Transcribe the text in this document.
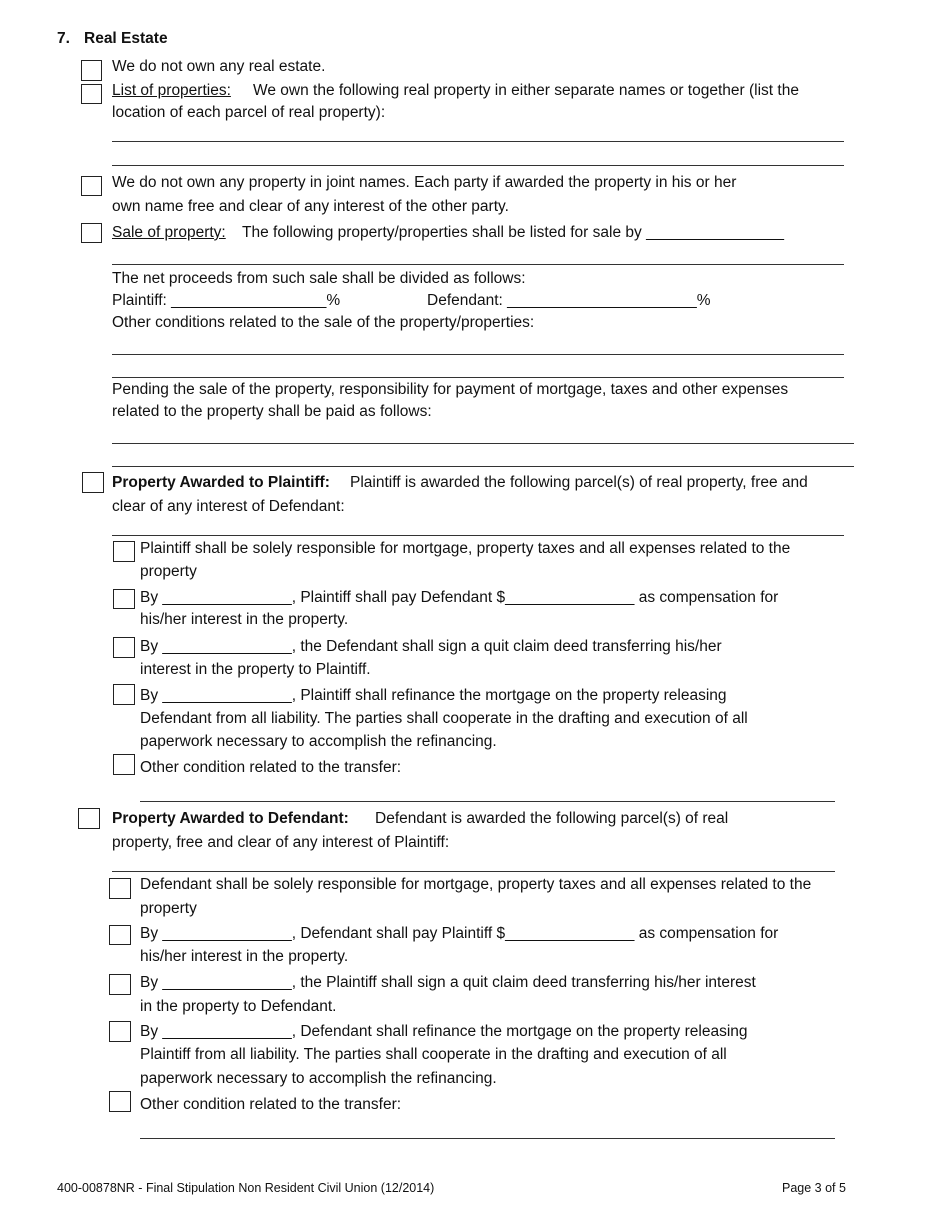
7. Real Estate
We do not own any real estate.
List of properties: We own the following real property in either separate names or together (list the
location of each parcel of real property):
We do not own any property in joint names. Each party if awarded the property in his or her
own name free and clear of any interest of the other party.
Sale of property: The following property/properties shall be listed for sale by ________________
The net proceeds from such sale shall be divided as follows:
Plaintiff: __________________%	Defendant: ______________________%
Other conditions related to the sale of the property/properties:
Pending the sale of the property, responsibility for payment of mortgage, taxes and other expenses
related to the property shall be paid as follows:
Property Awarded to Plaintiff: Plaintiff is awarded the following parcel(s) of real property, free and
clear of any interest of Defendant:
Plaintiff shall be solely responsible for mortgage, property taxes and all expenses related to the
property
By _______________, Plaintiff shall pay Defendant $_______________ as compensation for
his/her interest in the property.
By _______________, the Defendant shall sign a quit claim deed transferring his/her
interest in the property to Plaintiff.
By _______________, Plaintiff shall refinance the mortgage on the property releasing
Defendant from all liability. The parties shall cooperate in the drafting and execution of all
paperwork necessary to accomplish the refinancing.
Other condition related to the transfer:
Property Awarded to Defendant: Defendant is awarded the following parcel(s) of real
property, free and clear of any interest of Plaintiff:
Defendant shall be solely responsible for mortgage, property taxes and all expenses related to the
property
By _______________, Defendant shall pay Plaintiff $_______________ as compensation for
his/her interest in the property.
By _______________, the Plaintiff shall sign a quit claim deed transferring his/her interest
in the property to Defendant.
By _______________, Defendant shall refinance the mortgage on the property releasing
Plaintiff from all liability. The parties shall cooperate in the drafting and execution of all
paperwork necessary to accomplish the refinancing.
Other condition related to the transfer:
400-00878NR - Final Stipulation Non Resident Civil Union (12/2014)	Page 3 of 5
